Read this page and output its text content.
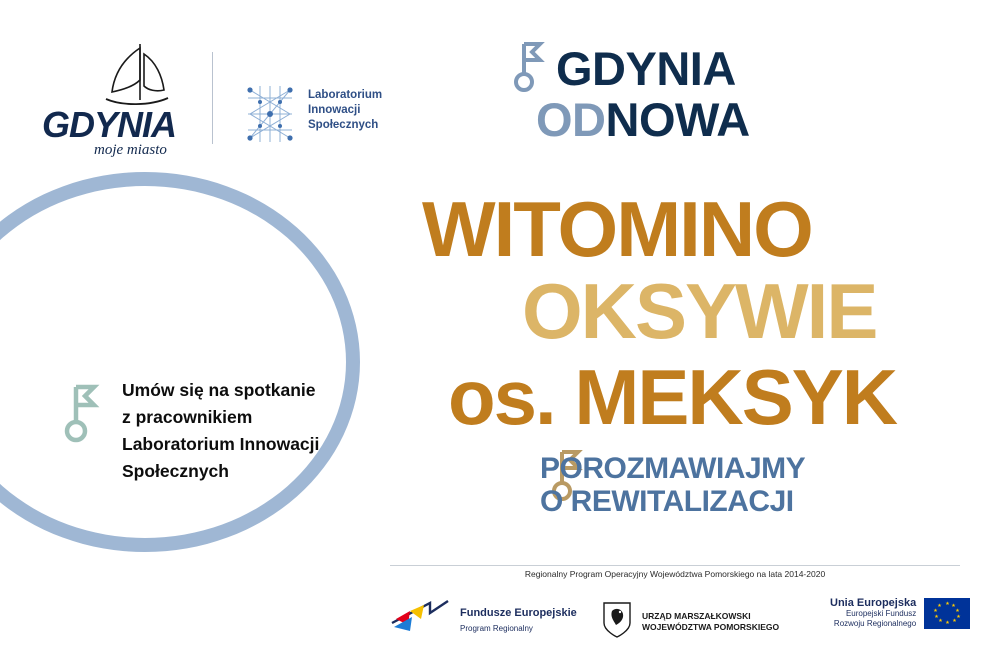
GDYNIA
moje miasto
Laboratorium
Innowacji
Społecznych
GDYNIA
OD NOWA
Umów się na spotkanie
z pracownikiem
Laboratorium Innowacji
Społecznych
WITOMINO
OKSYWIE
os. MEKSYK
POROZMAWIAJMY
O REWITALIZACJI
Regionalny Program Operacyjny Województwa Pomorskiego na lata 2014-2020
Fundusze Europejskie
Program Regionalny
URZĄD MARSZAŁKOWSKI
WOJEWÓDZTWA POMORSKIEGO
Unia Europejska
Europejski Fundusz
Rozwoju Regionalnego
★ ★
★
★
★
★
★
★
★
★
